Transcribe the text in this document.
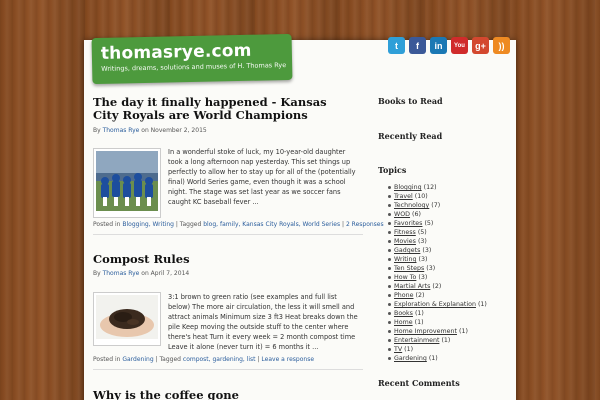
thomasrye.com
Writings, dreams, solutions and muses of H. Thomas Rye
t f in You g+ ))
The day it finally happened - Kansas City Royals are World Champions
By Thomas Rye on November 2, 2015
In a wonderful stoke of luck, my 10-year-old daughter took a long afternoon nap yesterday. This set things up perfectly to allow her to stay up for all of the (potentially final) World Series game, even though it was a school night. The stage was set last year as we soccer fans caught KC baseball fever ...
Posted in Blogging, Writing | Tagged blog, family, Kansas City Royals, World Series | 2 Responses
Compost Rules
By Thomas Rye on April 7, 2014
3:1 brown to green ratio (see examples and full list below) The more air circulation, the less it will smell and attract animals Minimum size 3 ft3 Heat breaks down the pile Keep moving the outside stuff to the center where there's heat Turn it every week = 2 month compost time Leave it alone (never turn it) = 6 months it ...
Posted in Gardening | Tagged compost, gardening, list | Leave a response
Why is the coffee gone
Books to Read
Recently Read
Topics
Blogging (12)
Travel (10)
Technology (7)
WOD (6)
Favorites (5)
Fitness (5)
Movies (3)
Gadgets (3)
Writing (3)
Ten Steps (3)
How To (3)
Martial Arts (2)
Phone (2)
Exploration & Explanation (1)
Books (1)
Home (1)
Home Improvement (1)
Entertainment (1)
TV (1)
Gardening (1)
Recent Comments
